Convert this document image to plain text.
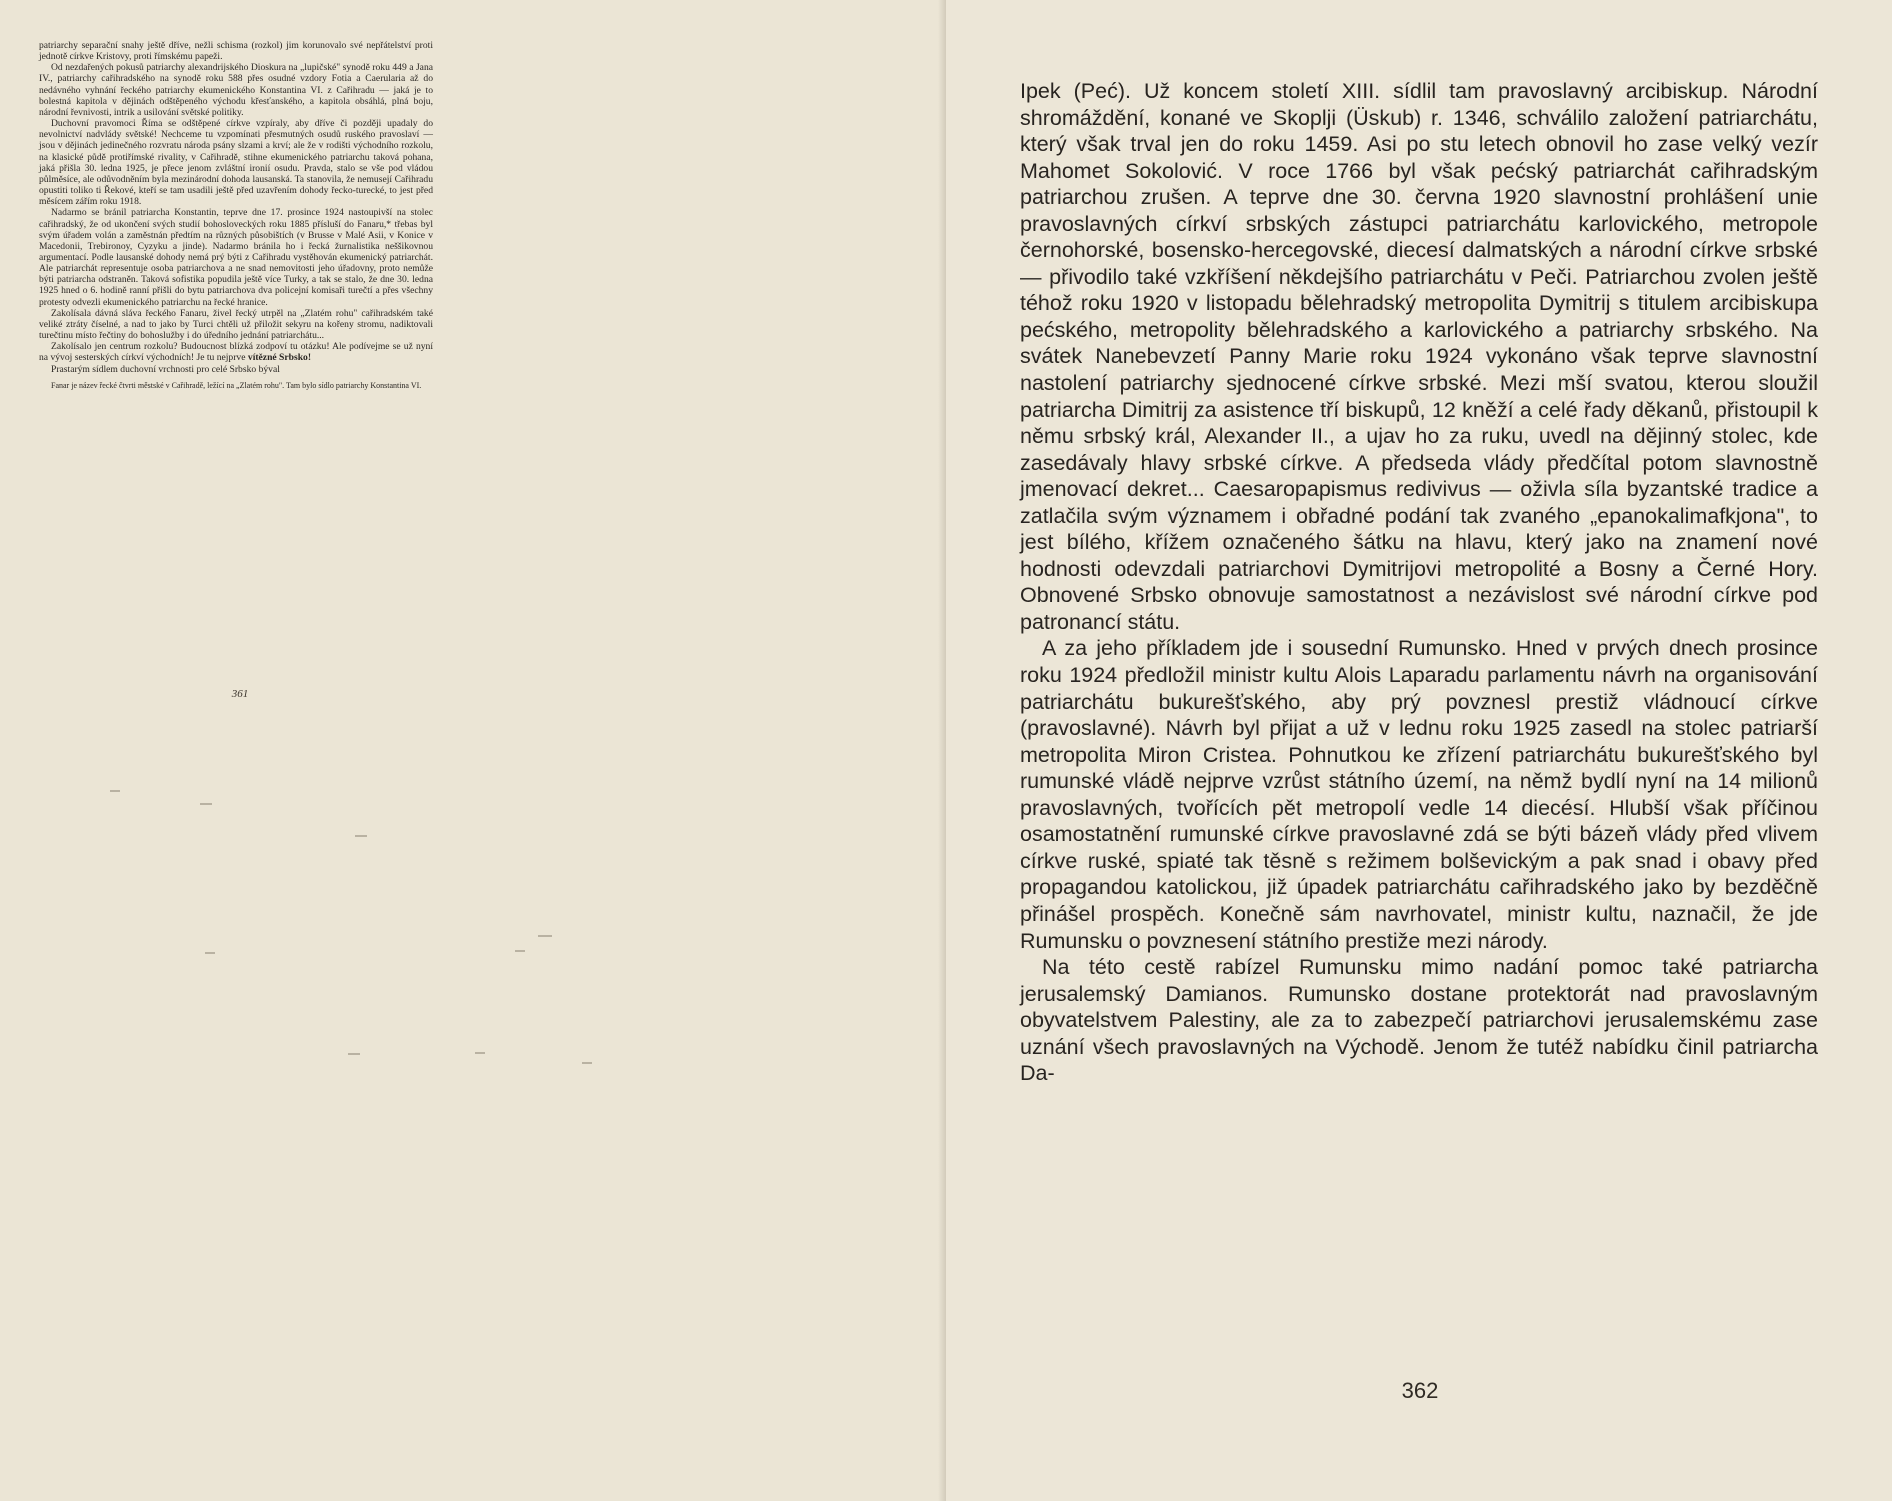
patriarchy separační snahy ještě dříve, nežli schisma (rozkol) jim korunovalo své nepřátelství proti jednotě církve Kristovy, proti římskému papeži.

Od nezdařených pokusů patriarchy alexandrijského Dioskura na „lupičské" synodě roku 449 a Jana IV., patriarchy cařihradského na synodě roku 588 přes osudné vzdory Fotia a Caerularia až do nedávného vyhnání řeckého patriarchy ekumenického Konstantina VI. z Cařihradu — jaká je to bolestná kapitola v dějinách odštěpeného východu křesťanského, a kapitola obsáhlá, plná boju, národní řevnivosti, intrik a usilování světské politiky.

Duchovní pravomoci Říma se odštěpené církve vzpíraly, aby dříve či později upadaly do nevolnictví nadvlády světské! Nechceme tu vzpomínati přesmutných osudů ruského pravoslaví — jsou v dějinách jedinečného rozvratu národa psány slzami a krví; ale že v rodišti východního rozkolu, na klasické půdě protiřímské rivality, v Cařihradě, stihne ekumenického patriarchu taková pohana, jaká přišla 30. ledna 1925, je přece jenom zvláštní ironií osudu. Pravda, stalo se vše pod vládou půlměsíce, ale odůvodněním byla mezinárodní dohoda lausanská. Ta stanovila, že nemusejí Cařihradu opustiti toliko ti Řekové, kteří se tam usadili ještě před uzavřením dohody řecko-turecké, to jest před měsícem zářím roku 1918.

Nadarmo se bránil patriarcha Konstantin, teprve dne 17. prosince 1924 nastoupivší na stolec cařihradský, že od ukončení svých studií bohosloveckých roku 1885 přísluší do Fanaru,* třebas byl svým úřadem volán a zaměstnán předtím na různých působištích (v Brusse v Malé Asii, v Konice v Macedonii, Trebironoy, Cyzyku a jinde). Nadarmo bránila ho i řecká žurnalistika neššikovnou argumentací. Podle lausanské dohody nemá prý býti z Cařihradu vystěhován ekumenický patriarchát. Ale patriarchát representuje osoba patriarchova a ne snad nemovitosti jeho úřadovny, proto nemůže býti patriarcha odstraněn. Taková sofistika popudila ještě více Turky, a tak se stalo, že dne 30. ledna 1925 hned o 6. hodině ranní přišli do bytu patriarchova dva policejní komisaři turečtí a přes všechny protesty odvezli ekumenického patriarchu na řecké hranice.

Zakolísala dávná sláva řeckého Fanaru, živel řecký utrpěl na „Zlatém rohu" cařihradském také veliké ztráty číselné, a nad to jako by Turci chtěli už přiložit sekyru na kořeny stromu, nadiktovali turečtinu místo řečtiny do bohoslužby i do úředního jednání patriarchátu...

Zakolísalo jen centrum rozkolu? Budoucnost blízká zodpoví tu otázku! Ale podívejme se už nyní na vývoj sesterských církví východních! Je tu nejprve vítězné Srbsko!

Prastarým sídlem duchovní vrchnosti pro celé Srbsko býval

Fanar je název řecké čtvrti městské v Cařihradě, ležící na „Zlatém rohu". Tam bylo sídlo patriarchy Konstantina VI.
361

Ipek (Peć). Už koncem století XIII. sídlil tam pravoslavný arcibiskup. Národní shromáždění, konané ve Skoplji (Üskub) r. 1346, schválilo založení patriarchátu, který však trval jen do roku 1459. Asi po stu letech obnovil ho zase velký vezír Mahomet Sokolović. V roce 1766 byl však pećský patriarchát cařihradským patriarchou zrušen. A teprve dne 30. června 1920 slavnostní prohlášení unie pravoslavných církví srbských zástupci patriarchátu karlovického, metropole černohorské, bosensko-hercegovské, diecesí dalmatských a národní církve srbské — přivodilo také vzkříšení někdejšího patriarchátu v Peči. Patriarchou zvolen ještě téhož roku 1920 v listopadu bělehradský metropolita Dymitrij s titulem arcibiskupa pećského, metropolity bělehradského a karlovického a patriarchy srbského. Na svátek Nanebevzetí Panny Marie roku 1924 vykonáno však teprve slavnostní nastolení patriarchy sjednocené církve srbské. Mezi mší svatou, kterou sloužil patriarcha Dimitrij za asistence tří biskupů, 12 kněží a celé řady děkanů, přistoupil k němu srbský král, Alexander II., a ujav ho za ruku, uvedl na dějinný stolec, kde zasedávaly hlavy srbské církve. A předseda vlády předčítal potom slavnostně jmenovací dekret... Caesaropapismus redivivus — oživla síla byzantské tradice a zatlačila svým významem i obřadné podání tak zvaného „epanokalimafkjona", to jest bílého, křížem označeného šátku na hlavu, který jako na znamení nové hodnosti odevzdali patriarchovi Dymitrijovi metropolité a Bosny a Černé Hory. Obnovené Srbsko obnovuje samostatnost a nezávislost své národní církve pod patronancí státu.

A za jeho příkladem jde i sousední Rumunsko. Hned v prvých dnech prosince roku 1924 předložil ministr kultu Alois Laparadu parlamentu návrh na organisování patriarchátu bukurešťského, aby prý povznesl prestiž vládnoucí církve (pravoslavné). Návrh byl přijat a už v lednu roku 1925 zasedl na stolec patriarší metropolita Miron Cristea. Pohnutkou ke zřízení patriarchátu bukurešťského byl rumunské vládě nejprve vzrůst státního území, na němž bydlí nyní na 14 milionů pravoslavných, tvořících pět metropolí vedle 14 diecésí. Hlubší však příčinou osamostatnění rumunské církve pravoslavné zdá se býti bázeň vlády před vlivem církve ruské, spiaté tak těsně s režimem bolševickým a pak snad i obavy před propagandou katolickou, již úpadek patriarchátu cařihradského jako by bezděčně přinášel prospěch. Konečně sám navrhovatel, ministr kultu, naznačil, že jde Rumunsku o povznesení státního prestiže mezi národy.

Na této cestě rabízel Rumunsku mimo nadání pomoc také patriarcha jerusalemský Damianos. Rumunsko dostane protektorát nad pravoslavným obyvatelstvem Palestiny, ale za to zabezpečí patriarchovi jerusalemskému zase uznání všech pravoslavných na Východě. Jenom že tutéž nabídku činil patriarcha Da-

362
